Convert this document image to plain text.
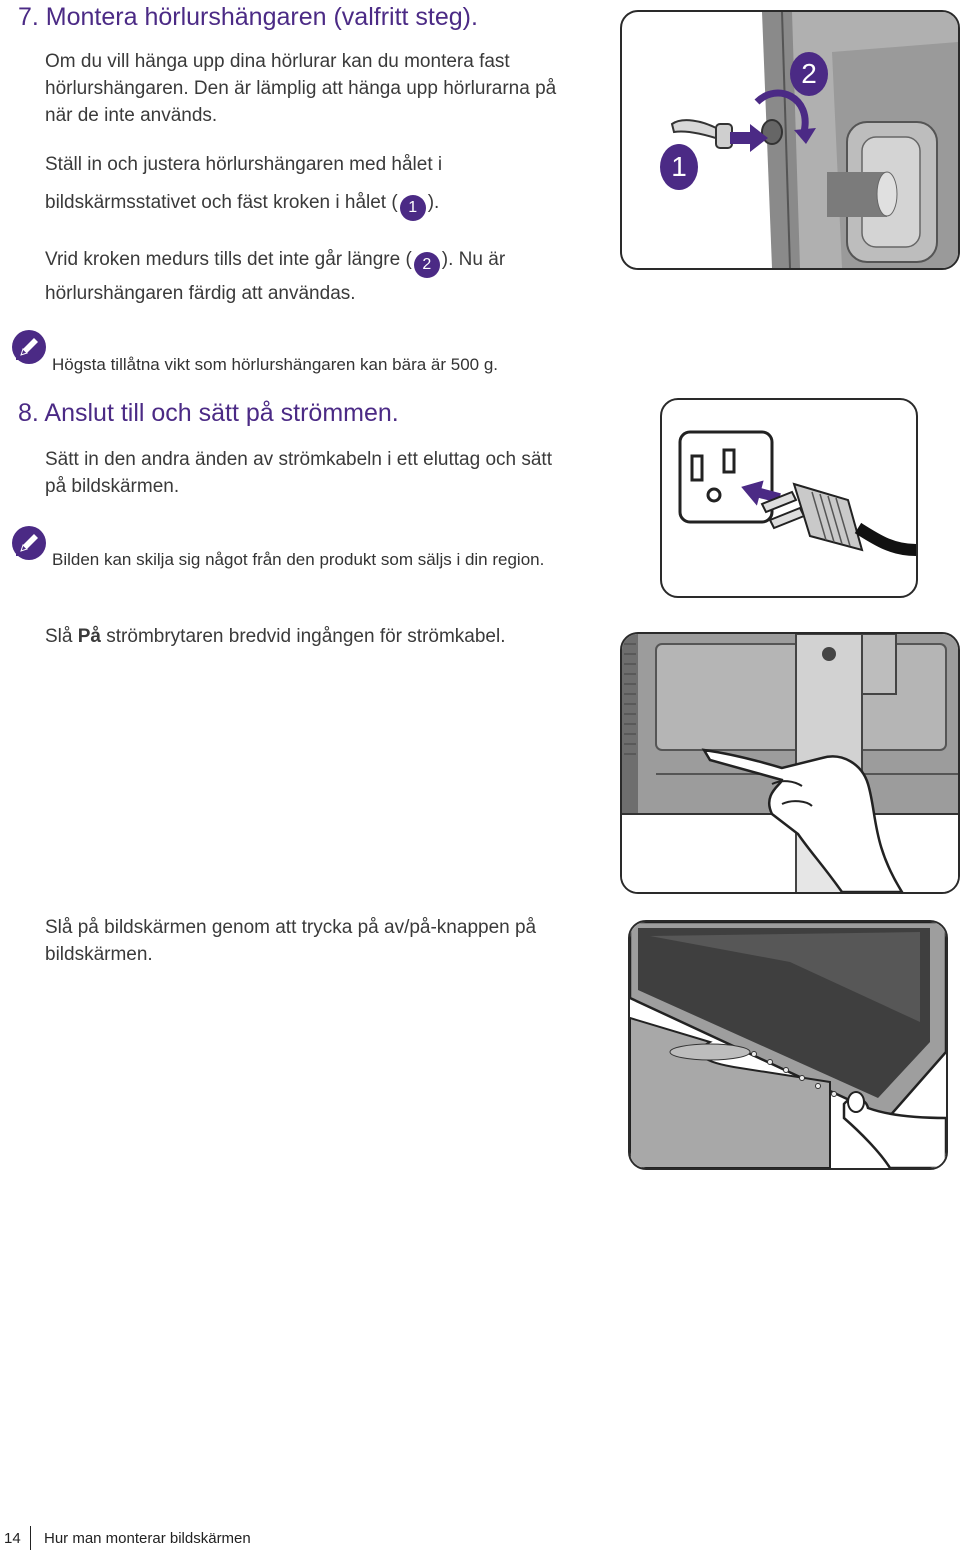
7. Montera hörlurshängaren (valfritt steg).
Om du vill hänga upp dina hörlurar kan du montera fast hörlurshängaren. Den är lämplig att hänga upp hörlurarna på när de inte används.
Ställ in och justera hörlurshängaren med hålet i bildskärmsstativet och fäst kroken i hålet ( 1 ).
Vrid kroken medurs tills det inte går längre ( 2 ). Nu är hörlurshängaren färdig att användas.
Högsta tillåtna vikt som hörlurshängaren kan bära är 500 g.
1
2
8. Anslut till och sätt på strömmen.
Sätt in den andra änden av strömkabeln i ett eluttag och sätt på bildskärmen.
Bilden kan skilja sig något från den produkt som säljs i din region.
Slå På strömbrytaren bredvid ingången för strömkabel.
Slå på bildskärmen genom att trycka på av/på-knappen på bildskärmen.
14 Hur man monterar bildskärmen
